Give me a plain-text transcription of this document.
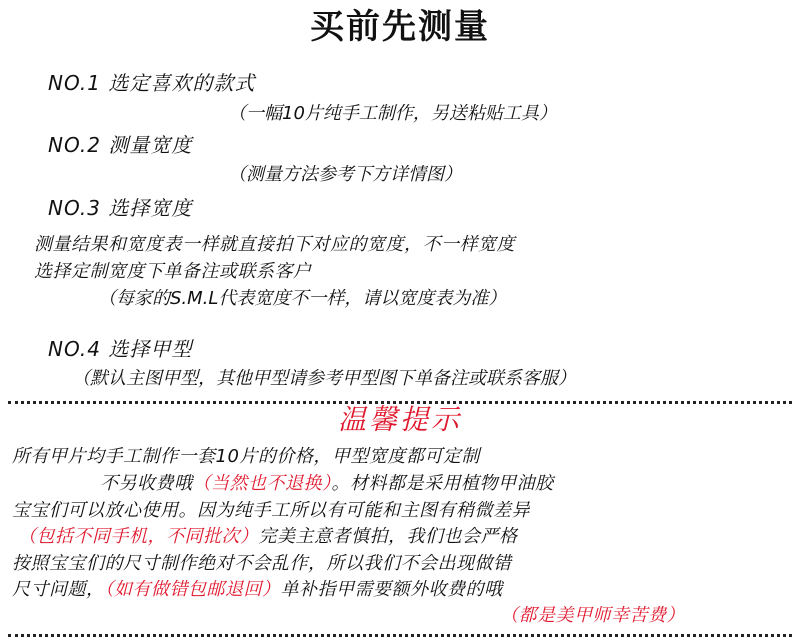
买前先测量
NO.1 选定喜欢的款式
（一幅10片纯手工制作，另送粘贴工具）
NO.2 测量宽度
（测量方法参考下方详情图）
NO.3 选择宽度
测量结果和宽度表一样就直接拍下对应的宽度，不一样宽度
选择定制宽度下单备注或联系客户
（每家的S.M.L代表宽度不一样，请以宽度表为准）
NO.4 选择甲型
（默认主图甲型，其他甲型请参考甲型图下单备注或联系客服）
温馨提示
所有甲片均手工制作一套10片的价格，甲型宽度都可定制
不另收费哦（当然也不退换）。材料都是采用植物甲油胶
宝宝们可以放心使用。因为纯手工所以有可能和主图有稍微差异
（包括不同手机，不同批次）完美主意者慎拍，我们也会严格
按照宝宝们的尺寸制作绝对不会乱作，所以我们不会出现做错
尺寸问题，（如有做错包邮退回）单补指甲需要额外收费的哦
（都是美甲师幸苦费）
